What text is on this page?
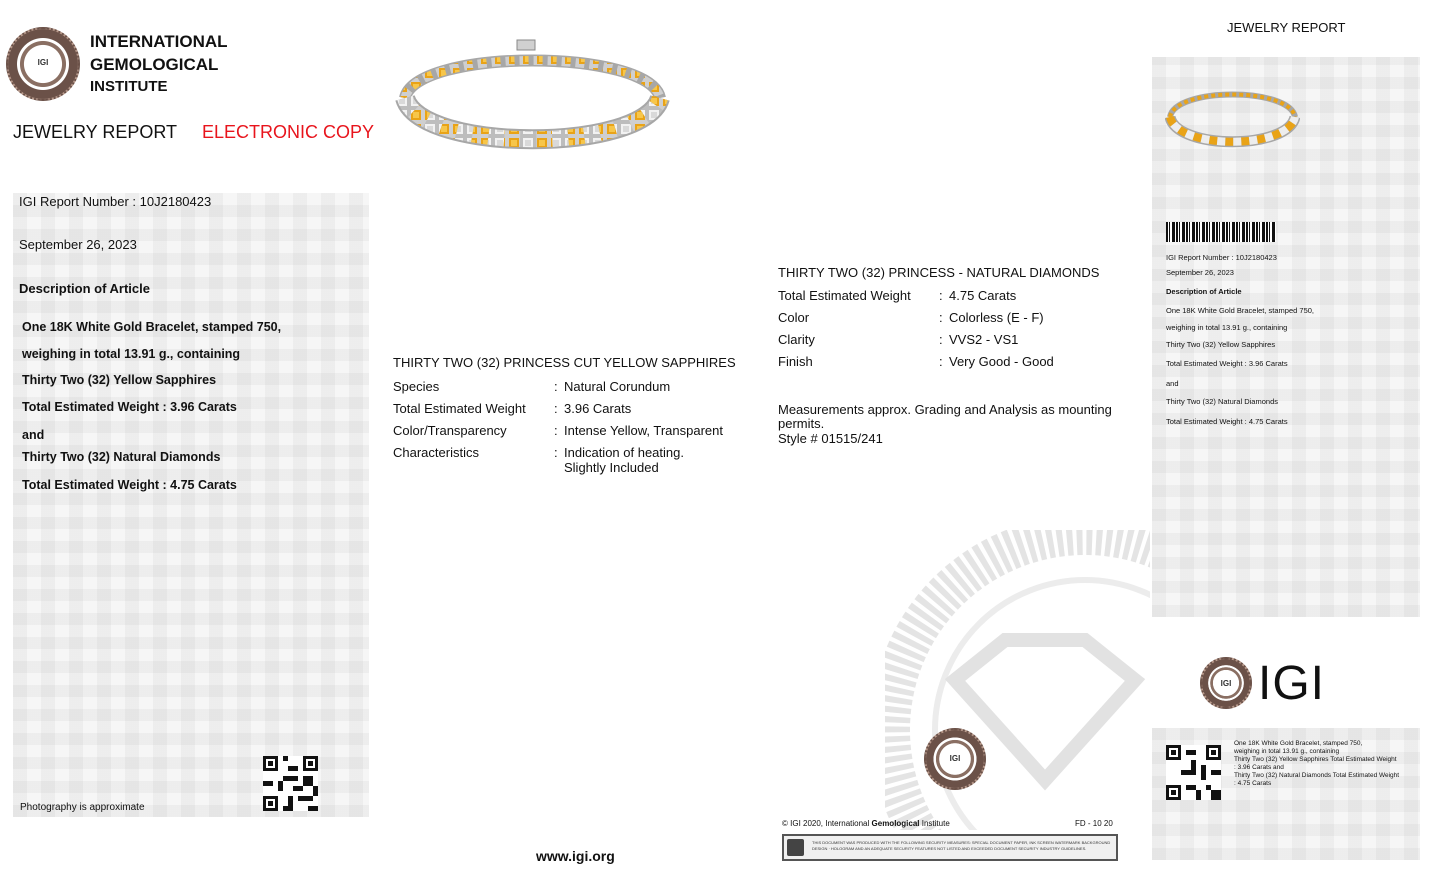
IGI
INTERNATIONAL
GEMOLOGICAL
INSTITUTE
JEWELRY REPORT ELECTRONIC COPY
IGI Report Number : 10J2180423
September 26, 2023
Description of Article
One 18K White Gold Bracelet, stamped 750,
weighing in total 13.91 g., containing
Thirty Two (32) Yellow Sapphires
Total Estimated Weight : 3.96 Carats
and
Thirty Two (32) Natural Diamonds
Total Estimated Weight : 4.75 Carats
Photography is approximate
THIRTY TWO (32) PRINCESS CUT YELLOW SAPPHIRES
Species	: Natural Corundum
Total Estimated Weight : 3.96 Carats
Color/Transparency	: Intense Yellow, Transparent
Characteristics	: Indication of heating.
Slightly Included
THIRTY TWO (32) PRINCESS - NATURAL DIAMONDS
Total Estimated Weight : 4.75 Carats
Color	: Colorless (E - F)
Clarity	: VVS2 - VS1
Finish	: Very Good - Good
Measurements approx. Grading and Analysis as mounting
permits.
Style # 01515/241
IGI
www.igi.org
© IGI 2020, International Gemological Institute	FD - 10 20
THIS DOCUMENT WAS PRODUCED WITH THE FOLLOWING SECURITY MEASURES: SPECIAL DOCUMENT PAPER, INK SCREEN WATERMARK BACKGROUND DESIGN · HOLOGRAM AND AN ADEQUATE SECURITY FEATURES NOT LISTED AND EXCEEDED DOCUMENT SECURITY INDUSTRY GUIDELINES.
JEWELRY REPORT
IGI Report Number : 10J2180423
September 26, 2023
Description of Article
One 18K White Gold Bracelet, stamped 750,
weighing in total 13.91 g., containing
Thirty Two (32) Yellow Sapphires
Total Estimated Weight : 3.96 Carats
and
Thirty Two (32) Natural Diamonds
Total Estimated Weight : 4.75 Carats
IGI IGI
One 18K White Gold Bracelet, stamped 750,
weighing in total 13.91 g., containing
Thirty Two (32) Yellow Sapphires Total Estimated Weight
: 3.96 Carats and
Thirty Two (32) Natural Diamonds Total Estimated Weight
: 4.75 Carats
